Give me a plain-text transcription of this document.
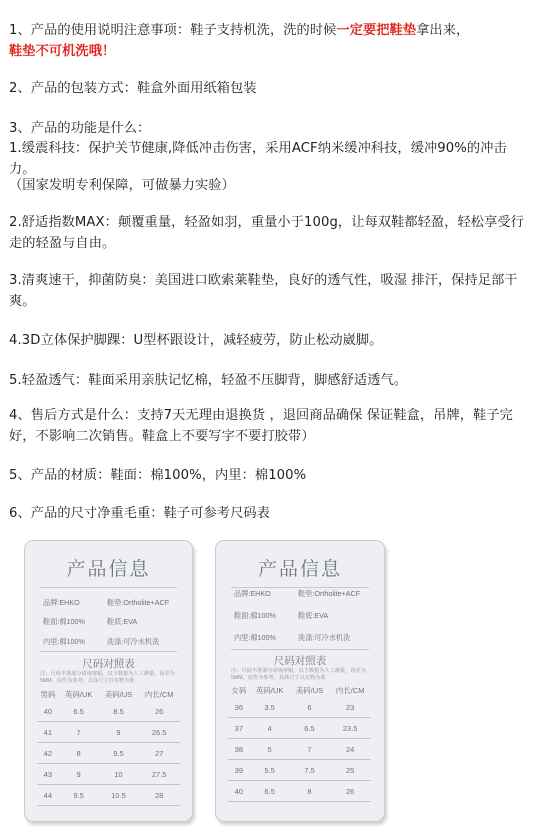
1、产品的使用说明注意事项：鞋子支持机洗，洗的时候一定要把鞋垫拿出来，
鞋垫不可机洗哦！

2、产品的包装方式：鞋盒外面用纸箱包装

3、产品的功能是什么：

1.缓震科技：保护关节健康,降低冲击伤害，采用ACF纳米缓冲科技，缓冲90%的冲击力。

（国家发明专利保障，可做暴力实验）

2.舒适指数MAX：颠覆重量，轻盈如羽，重量小于100g，让每双鞋都轻盈，轻松享受行走的轻盈与自由。

3.清爽速干，抑菌防臭：美国进口欧索莱鞋垫，良好的透气性，吸湿 排汗，保持足部干爽。

4.3D立体保护脚踝：U型杯跟设计，减轻疲劳，防止松动崴脚。

5.轻盈透气：鞋面采用亲肤记忆棉，轻盈不压脚背，脚感舒适透气。

4、售后方式是什么：支持7天无理由退换货 ，退回商品确保 保证鞋盒，吊牌，鞋子完好，不影响二次销售。鞋盒上不要写字不要打胶带）

5、产品的材质：鞋面：棉100%，内里：棉100%

6、产品的尺寸净重毛重：鞋子可参考尺码表

产品信息
品牌:EHKO	鞋垫:Ortholite+ACF
鞋面:棉100%	鞋底:EVA
内里:棉100%	洗涤:可冷水机洗
尺码对照表
注：尺码不准部分请询客服，以下数据为人工测量，误差为5MM，仅作为参考，具体尺寸以实物为准
男码	英码/UK	美码/US	内长/CM
40	6.5	8.5	26
41	7	9	26.5
42	8	9.5	27
43	9	10	27.5
44	9.5	10.5	28
产品信息
品牌:EHKO	鞋垫:Ortholite+ACF
鞋面:棉100%	鞋底:EVA
内里:棉100%	洗涤:可冷水机洗
尺码对照表
注：尺码不准部分请询客服，以下数据为人工测量，误差为5MM，仅作为参考，具体尺寸以实物为准
女码	英码/UK	美码/US	内长/CM
36	3.5	6	23
37	4	6.5	23.5
38	5	7	24
39	5.5	7.5	25
40	6.5	8	26
